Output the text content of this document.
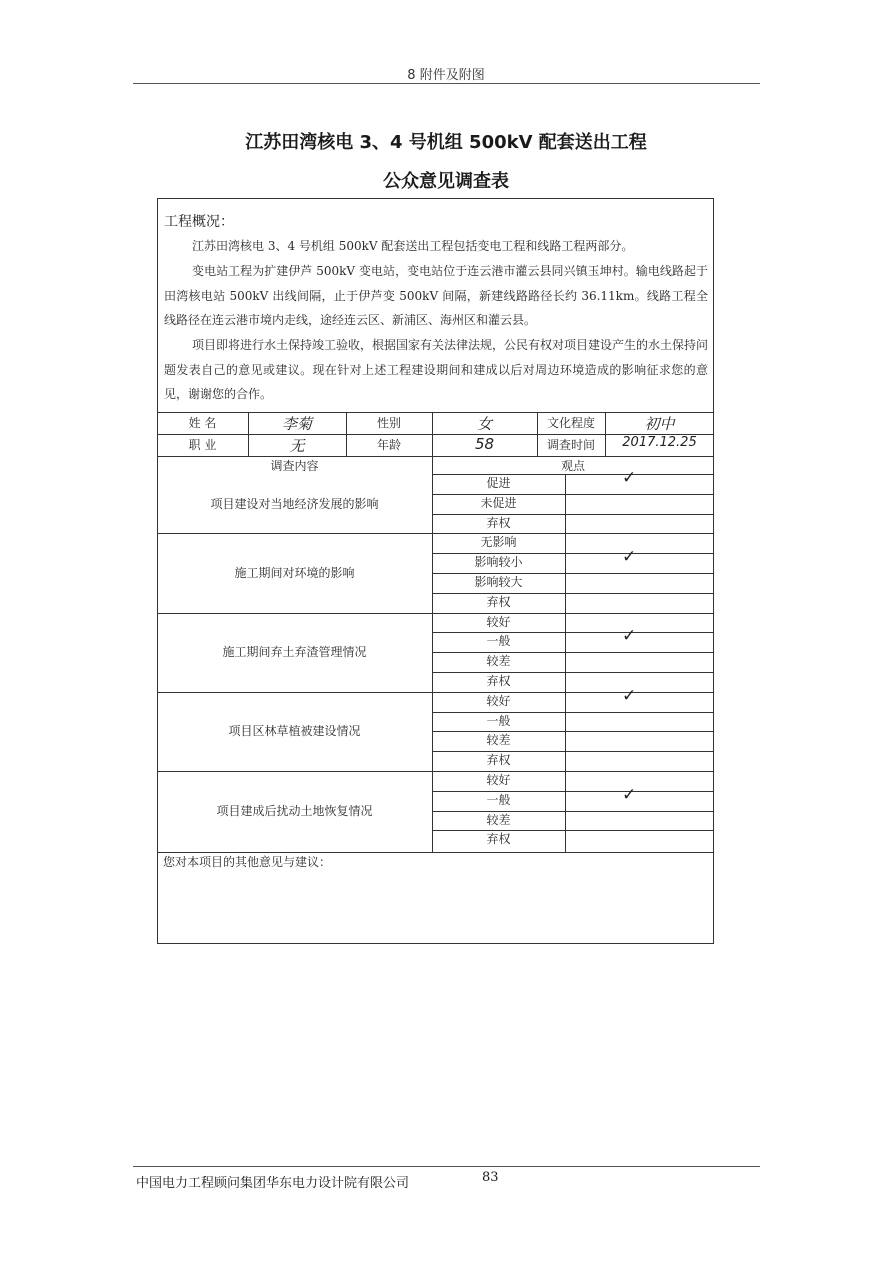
8 附件及附图
江苏田湾核电 3、4 号机组 500kV 配套送出工程
公众意见调查表
工程概况：
江苏田湾核电 3、4 号机组 500kV 配套送出工程包括变电工程和线路工程两部分。
变电站工程为扩建伊芦 500kV 变电站，变电站位于连云港市灌云县同兴镇玉坤村。输电线路起于田湾核电站 500kV 出线间隔，止于伊芦变 500kV 间隔，新建线路路径长约 36.11km。线路工程全线路径在连云港市境内走线，途经连云区、新浦区、海州区和灌云县。
项目即将进行水土保持竣工验收，根据国家有关法律法规，公民有权对项目建设产生的水土保持问题发表自己的意见或建议。现在针对上述工程建设期间和建成以后对周边环境造成的影响征求您的意见，谢谢您的合作。
姓 名	李菊	性别	女	文化程度	初中
职 业	无	年龄	58	调查时间	2017.12.25
调查内容	观点
项目建设对当地经济发展的影响
促进	✓
未促进
弃权
施工期间对环境的影响
无影响
影响较小	✓
影响较大
弃权
施工期间弃土弃渣管理情况
较好
一般	✓
较差
弃权
项目区林草植被建设情况
较好	✓
一般
较差
弃权
项目建成后扰动土地恢复情况
较好
一般	✓
较差
弃权
您对本项目的其他意见与建议：
中国电力工程顾问集团华东电力设计院有限公司	83
